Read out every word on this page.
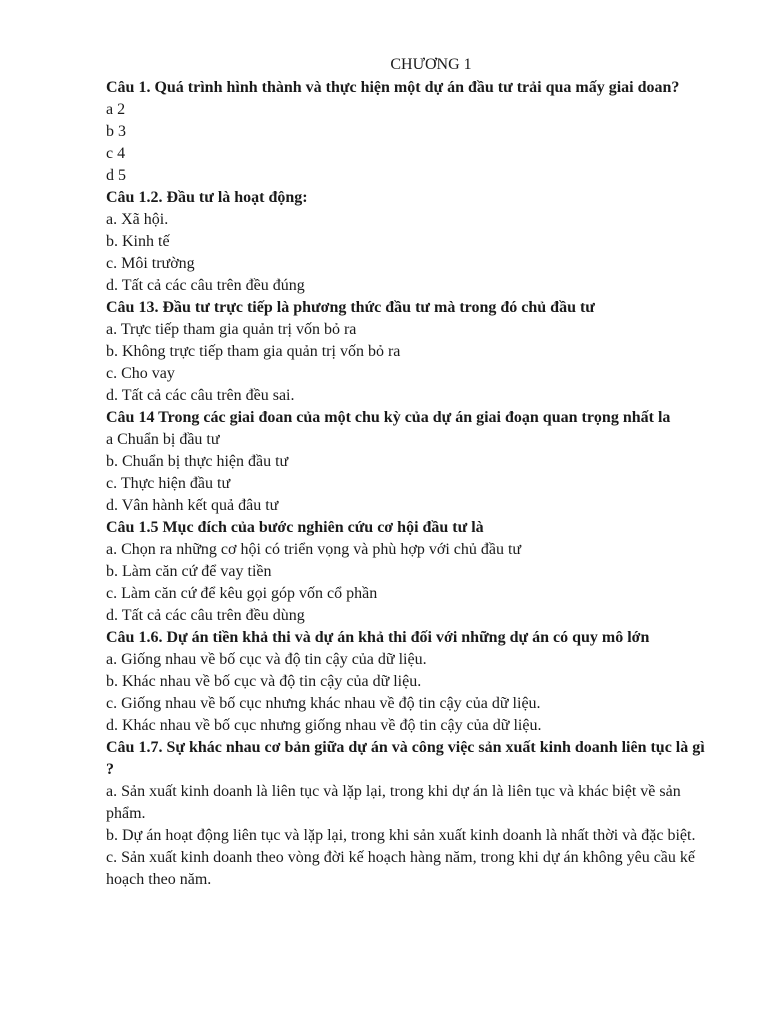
CHƯƠNG 1
Câu 1. Quá trình hình thành và thực hiện một dự án đầu tư trải qua mấy giai doan?
a 2
b 3
c 4
d 5
Câu 1.2. Đầu tư là hoạt động:
a. Xã hội.
b. Kinh tế
c. Môi trường
d. Tất cả các câu trên đều đúng
Câu 13. Đầu tư trực tiếp là phương thức đầu tư mà trong đó chủ đầu tư
a. Trực tiếp tham gia quản trị vốn bỏ ra
b. Không trực tiếp tham gia quản trị vốn bỏ ra
c. Cho vay
d. Tất cả các câu trên đều sai.
Câu 14 Trong các giai đoan của một chu kỳ của dự án giai đoạn quan trọng nhất la
a Chuẩn bị đầu tư
b. Chuẩn bị thực hiện đầu tư
c. Thực hiện đầu tư
d. Vân hành kết quả đâu tư
Câu 1.5 Mục đích của bước nghiên cứu cơ hội đầu tư là
a. Chọn ra những cơ hội có triển vọng và phù hợp với chủ đầu tư
b. Làm căn cứ để vay tiền
c. Làm căn cứ để kêu gọi góp vốn cổ phần
d. Tất cả các câu trên đều dùng
Câu 1.6. Dự án tiền khả thi và dự án khả thi đối với những dự án có quy mô lớn
a. Giống nhau về bố cục và độ tin cậy của dữ liệu.
b. Khác nhau về bố cục và độ tin cậy của dữ liệu.
c. Giống nhau về bố cục nhưng khác nhau về độ tin cậy của dữ liệu.
d. Khác nhau về bố cục nhưng giống nhau về độ tin cậy của dữ liệu.
Câu 1.7. Sự khác nhau cơ bản giữa dự án và công việc sản xuất kinh doanh liên tục là gì ?
a. Sản xuất kinh doanh là liên tục và lặp lại, trong khi dự án là liên tục và khác biệt về sản phẩm.
b. Dự án hoạt động liên tục và lặp lại, trong khi sản xuất kinh doanh là nhất thời và đặc biệt.
c. Sản xuất kinh doanh theo vòng đời kế hoạch hàng năm, trong khi dự án không yêu cầu kế hoạch theo năm.
